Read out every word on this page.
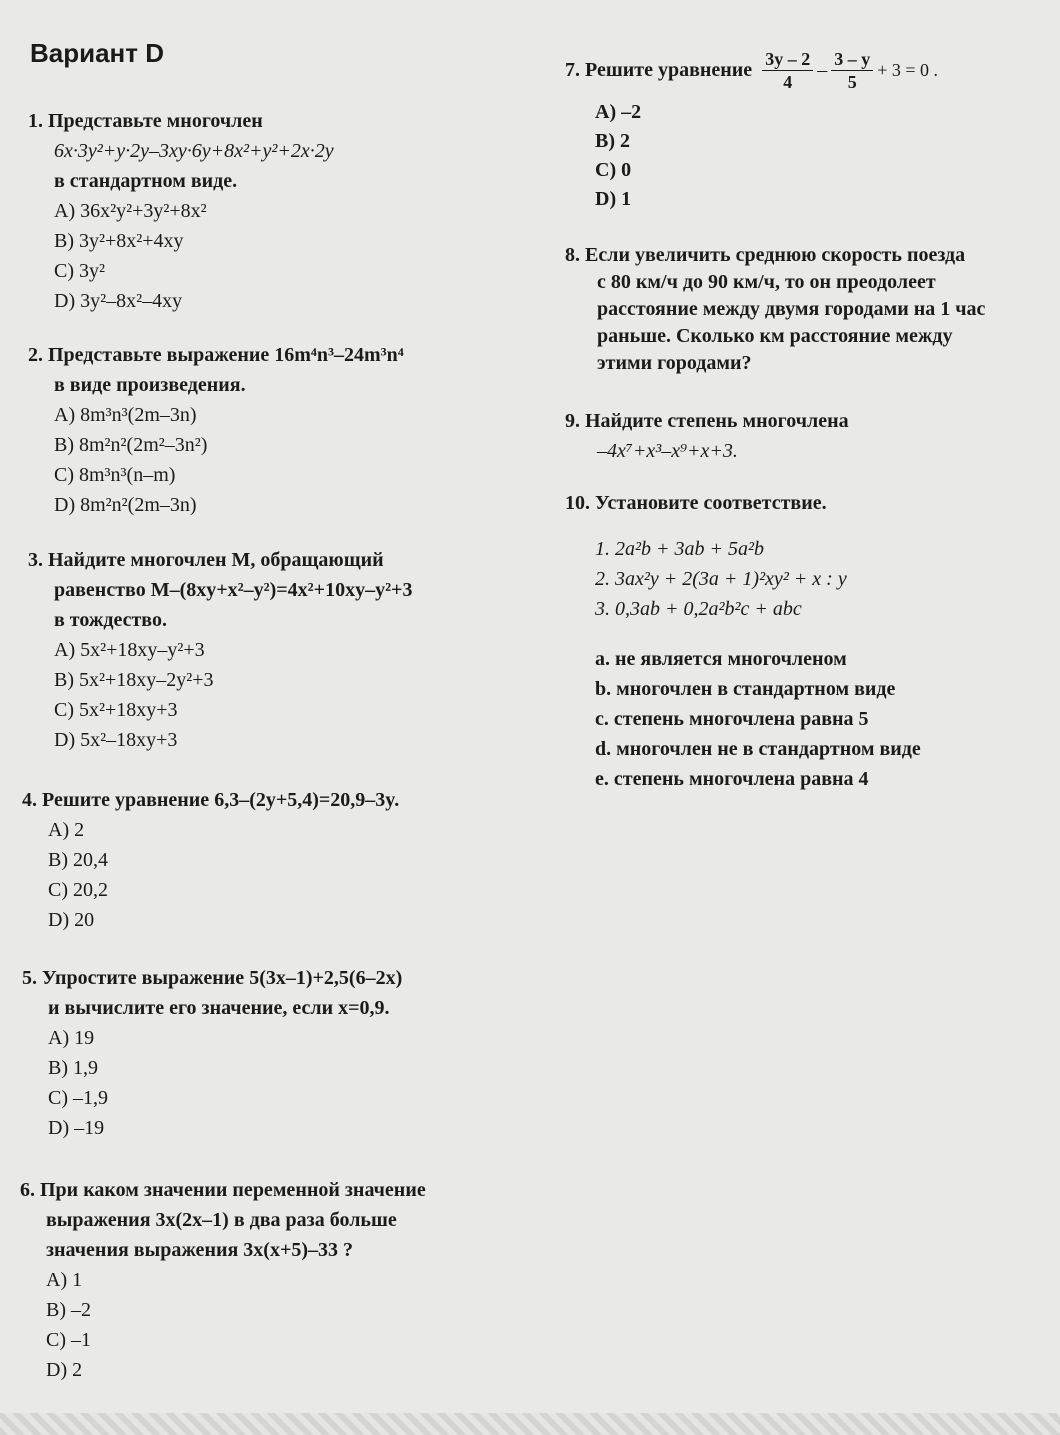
Вариант D
1. Представьте многочлен
6x·3y²+y·2y–3xy·6y+8x²+y²+2x·2y
в стандартном виде.
A) 36x²y²+3y²+8x²
B) 3y²+8x²+4xy
C) 3y²
D) 3y²–8x²–4xy
2. Представьте выражение 16m⁴n³–24m³n⁴
в виде произведения.
A) 8m³n³(2m–3n)
B) 8m²n²(2m²–3n²)
C) 8m³n³(n–m)
D) 8m²n²(2m–3n)
3. Найдите многочлен M, обращающий
равенство M–(8xy+x²–y²)=4x²+10xy–y²+3
в тождество.
A) 5x²+18xy–y²+3
B) 5x²+18xy–2y²+3
C) 5x²+18xy+3
D) 5x²–18xy+3
4. Решите уравнение 6,3–(2y+5,4)=20,9–3y.
A) 2
B) 20,4
C) 20,2
D) 20
5. Упростите выражение 5(3x–1)+2,5(6–2x)
и вычислите его значение, если x=0,9.
A) 19
B) 1,9
C) –1,9
D) –19
6. При каком значении переменной значение
выражения 3x(2x–1) в два раза больше
значения выражения 3x(x+5)–33 ?
A) 1
B) –2
C) –1
D) 2
7. Решите уравнение $\frac{3y - 2}{4} - \frac{3 - y}{5} + 3 = 0$ .
A) –2
B) 2
C) 0
D) 1
8. Если увеличить среднюю скорость поезда
с 80 км/ч до 90 км/ч, то он преодолеет
расстояние между двумя городами на 1 час
раньше. Сколько км расстояние между
этими городами?
9. Найдите степень многочлена
–4x⁷+x³–x⁹+x+3.
10. Установите соответствие.
1. 2a²b + 3ab + 5a²b
2. 3ax²y + 2(3a + 1)²xy² + x : y
3. 0,3ab + 0,2a²b²c + abc
a. не является многочленом
b. многочлен в стандартном виде
c. степень многочлена равна 5
d. многочлен не в стандартном виде
e. степень многочлена равна 4
